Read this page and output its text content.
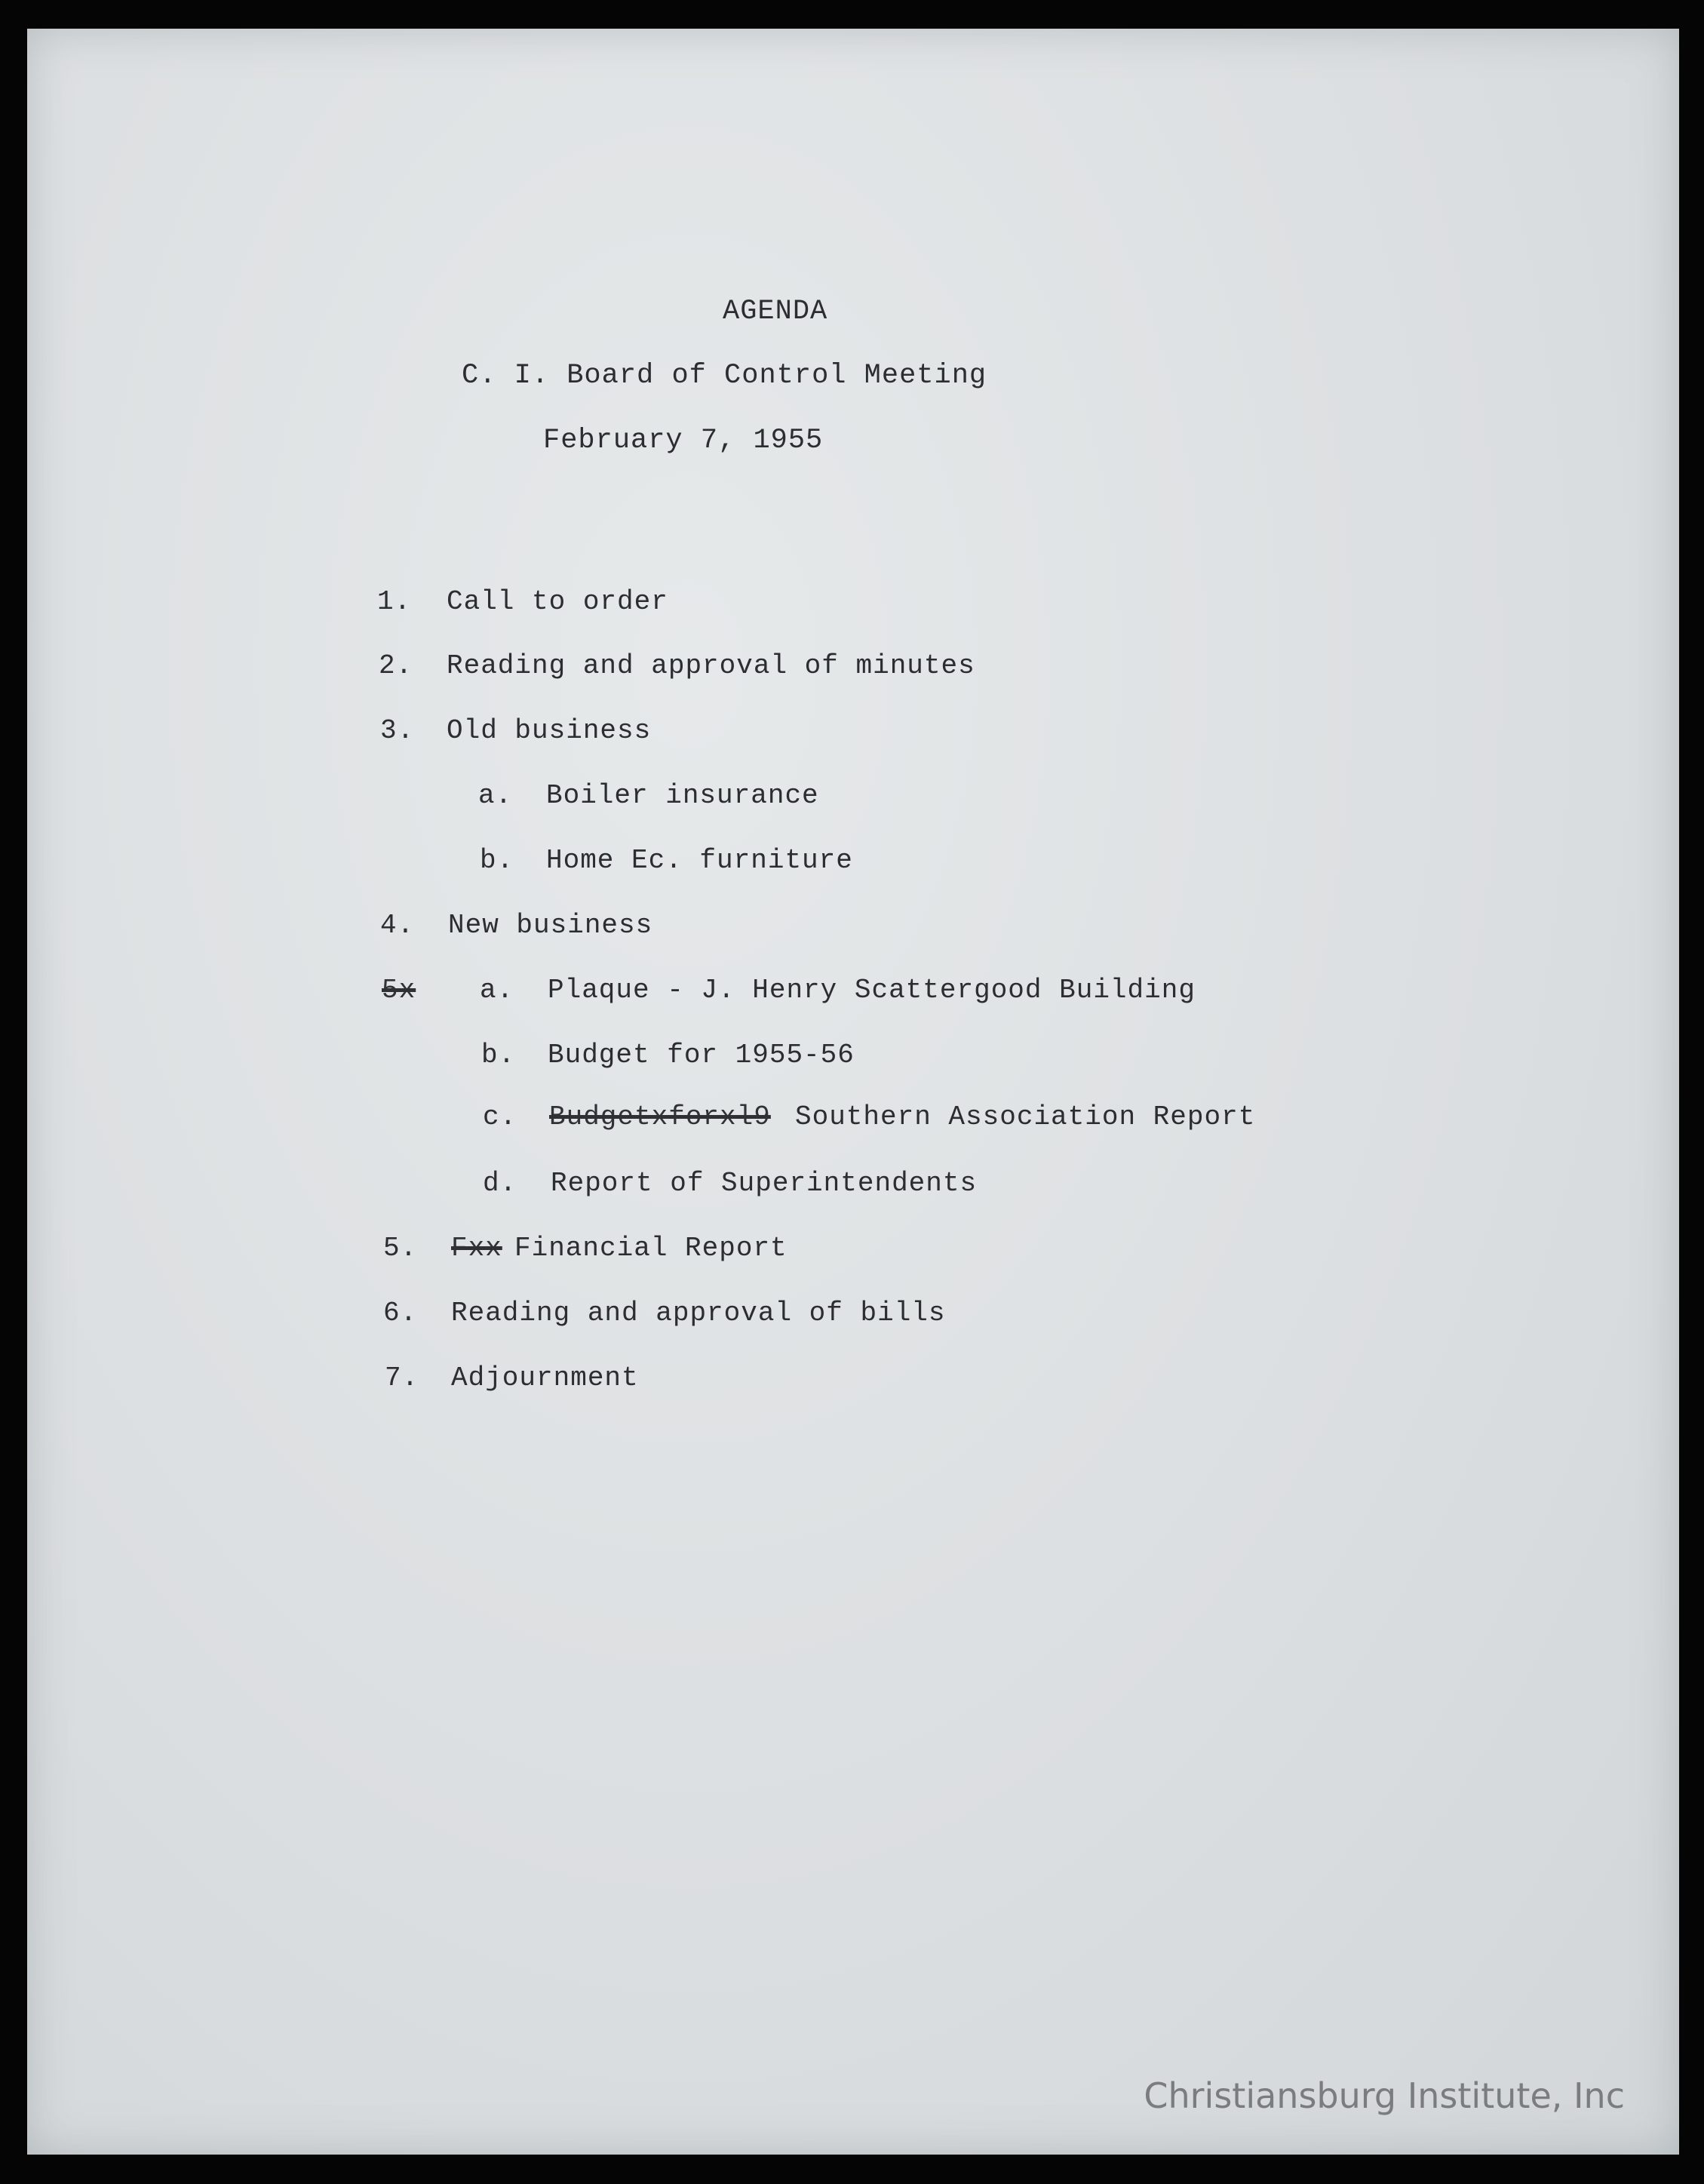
AGENDA
C. I. Board of Control Meeting
February 7, 1955
1. Call to order
2. Reading and approval of minutes
3. Old business
a. Boiler insurance
b. Home Ec. furniture
4. New business
5x a. Plaque - J. Henry Scattergood Building
b. Budget for 1955-56
c. Budgetxforxl9 Southern Association Report
d. Report of Superintendents
5. Fxx Financial Report
6. Reading and approval of bills
7. Adjournment
Christiansburg Institute, Inc
